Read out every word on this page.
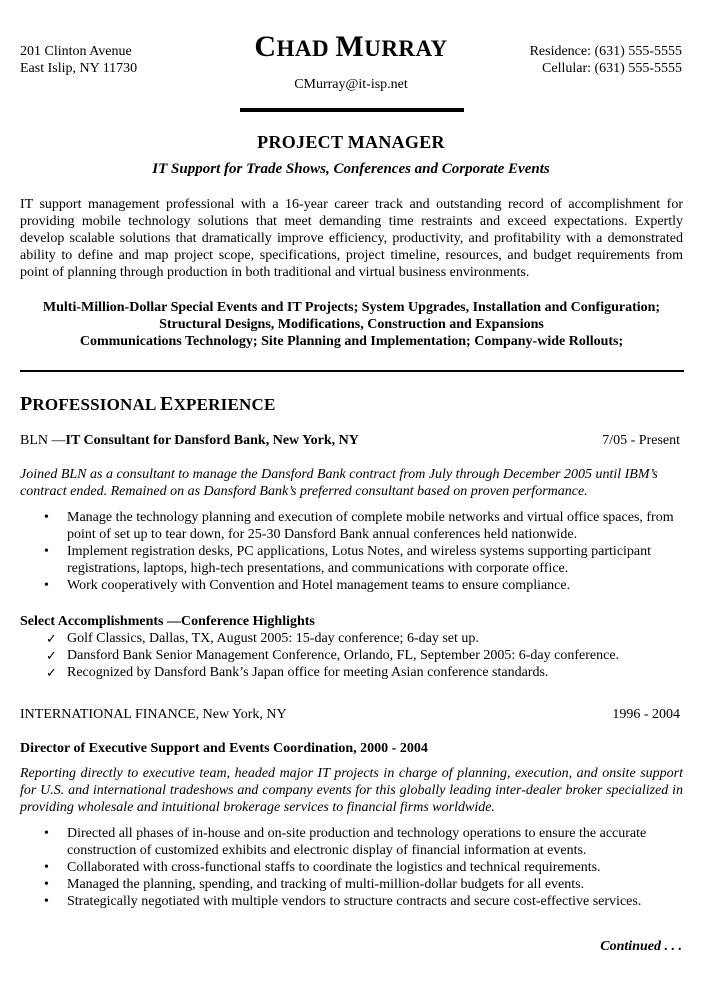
201 Clinton Avenue
East Islip, NY 11730
CHAD MURRAY
CMurray@it-isp.net
Residence: (631) 555-5555
Cellular: (631) 555-5555
PROJECT MANAGER
IT Support for Trade Shows, Conferences and Corporate Events
IT support management professional with a 16-year career track and outstanding record of accomplishment for providing mobile technology solutions that meet demanding time restraints and exceed expectations. Expertly develop scalable solutions that dramatically improve efficiency, productivity, and profitability with a demonstrated ability to define and map project scope, specifications, project timeline, resources, and budget requirements from point of planning through production in both traditional and virtual business environments.
Multi-Million-Dollar Special Events and IT Projects; System Upgrades, Installation and Configuration;
Structural Designs, Modifications, Construction and Expansions
Communications Technology; Site Planning and Implementation; Company-wide Rollouts;
PROFESSIONAL EXPERIENCE
BLN —IT Consultant for Dansford Bank, New York, NY	7/05 - Present
Joined BLN as a consultant to manage the Dansford Bank contract from July through December 2005 until IBM’s contract ended. Remained on as Dansford Bank’s preferred consultant based on proven performance.
• Manage the technology planning and execution of complete mobile networks and virtual office spaces, from point of set up to tear down, for 25-30 Dansford Bank annual conferences held nationwide.
• Implement registration desks, PC applications, Lotus Notes, and wireless systems supporting participant registrations, laptops, high-tech presentations, and communications with corporate office.
• Work cooperatively with Convention and Hotel management teams to ensure compliance.
Select Accomplishments —Conference Highlights
✓ Golf Classics, Dallas, TX, August 2005: 15-day conference; 6-day set up.
✓ Dansford Bank Senior Management Conference, Orlando, FL, September 2005: 6-day conference.
✓ Recognized by Dansford Bank’s Japan office for meeting Asian conference standards.
INTERNATIONAL FINANCE, New York, NY	1996 - 2004
Director of Executive Support and Events Coordination, 2000 - 2004
Reporting directly to executive team, headed major IT projects in charge of planning, execution, and onsite support for U.S. and international tradeshows and company events for this globally leading inter-dealer broker specialized in providing wholesale and intuitional brokerage services to financial firms worldwide.
• Directed all phases of in-house and on-site production and technology operations to ensure the accurate construction of customized exhibits and electronic display of financial information at events.
• Collaborated with cross-functional staffs to coordinate the logistics and technical requirements.
• Managed the planning, spending, and tracking of multi-million-dollar budgets for all events.
• Strategically negotiated with multiple vendors to structure contracts and secure cost-effective services.
Continued . . .
